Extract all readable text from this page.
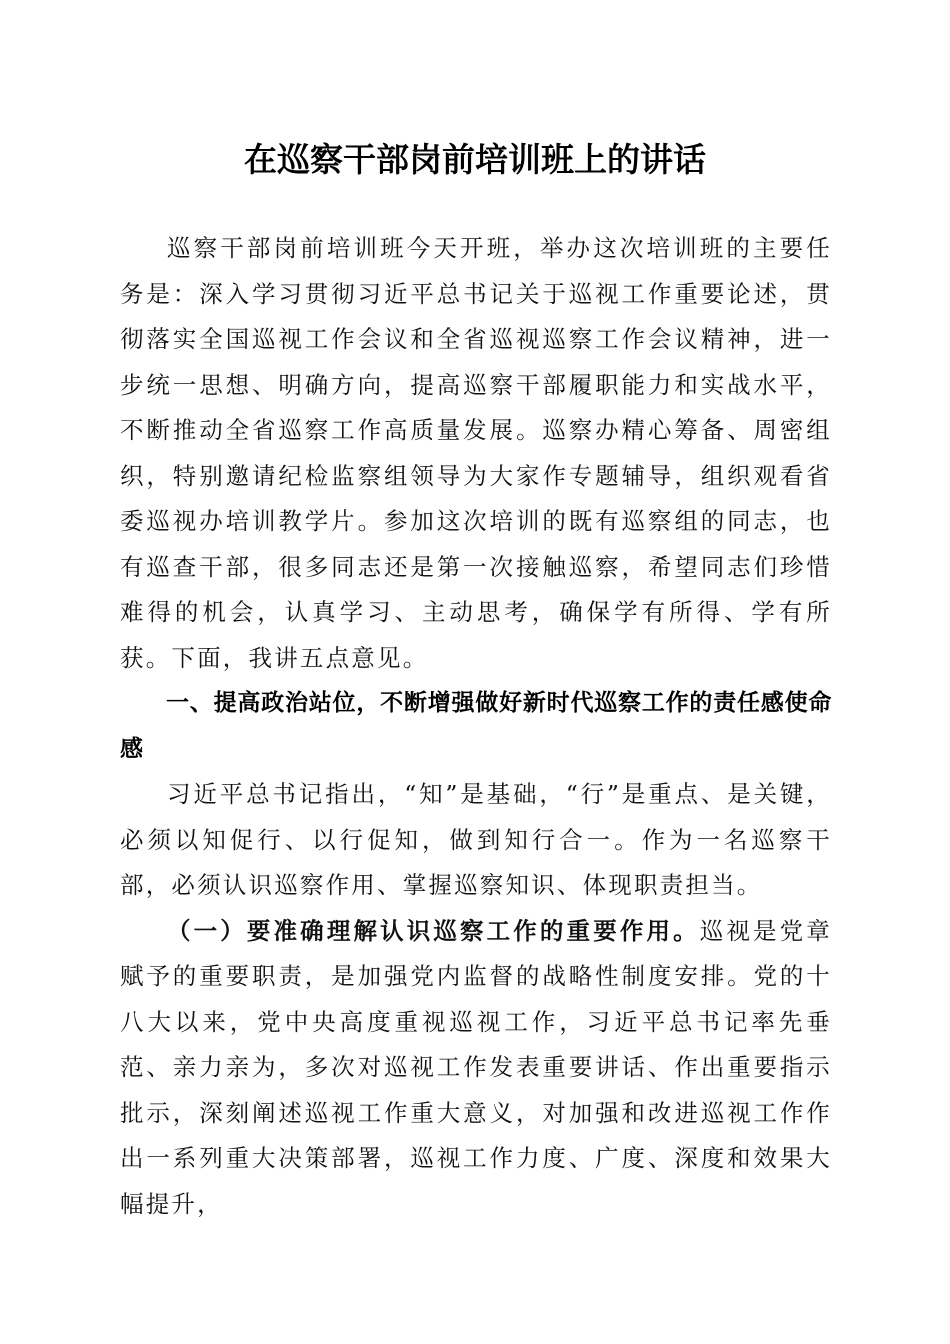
在巡察干部岗前培训班上的讲话

巡察干部岗前培训班今天开班，举办这次培训班的主要任务是：深入学习贯彻习近平总书记关于巡视工作重要论述，贯彻落实全国巡视工作会议和全省巡视巡察工作会议精神，进一步统一思想、明确方向，提高巡察干部履职能力和实战水平，不断推动全省巡察工作高质量发展。巡察办精心筹备、周密组织，特别邀请纪检监察组领导为大家作专题辅导，组织观看省委巡视办培训教学片。参加这次培训的既有巡察组的同志，也有巡查干部，很多同志还是第一次接触巡察，希望同志们珍惜难得的机会，认真学习、主动思考，确保学有所得、学有所获。下面，我讲五点意见。

一、提高政治站位，不断增强做好新时代巡察工作的责任感使命感

习近平总书记指出，“知”是基础，“行”是重点、是关键，必须以知促行、以行促知，做到知行合一。作为一名巡察干部，必须认识巡察作用、掌握巡察知识、体现职责担当。

（一）要准确理解认识巡察工作的重要作用。巡视是党章赋予的重要职责，是加强党内监督的战略性制度安排。党的十八大以来，党中央高度重视巡视工作，习近平总书记率先垂范、亲力亲为，多次对巡视工作发表重要讲话、作出重要指示批示，深刻阐述巡视工作重大意义，对加强和改进巡视工作作出一系列重大决策部署，巡视工作力度、广度、深度和效果大幅提升，
